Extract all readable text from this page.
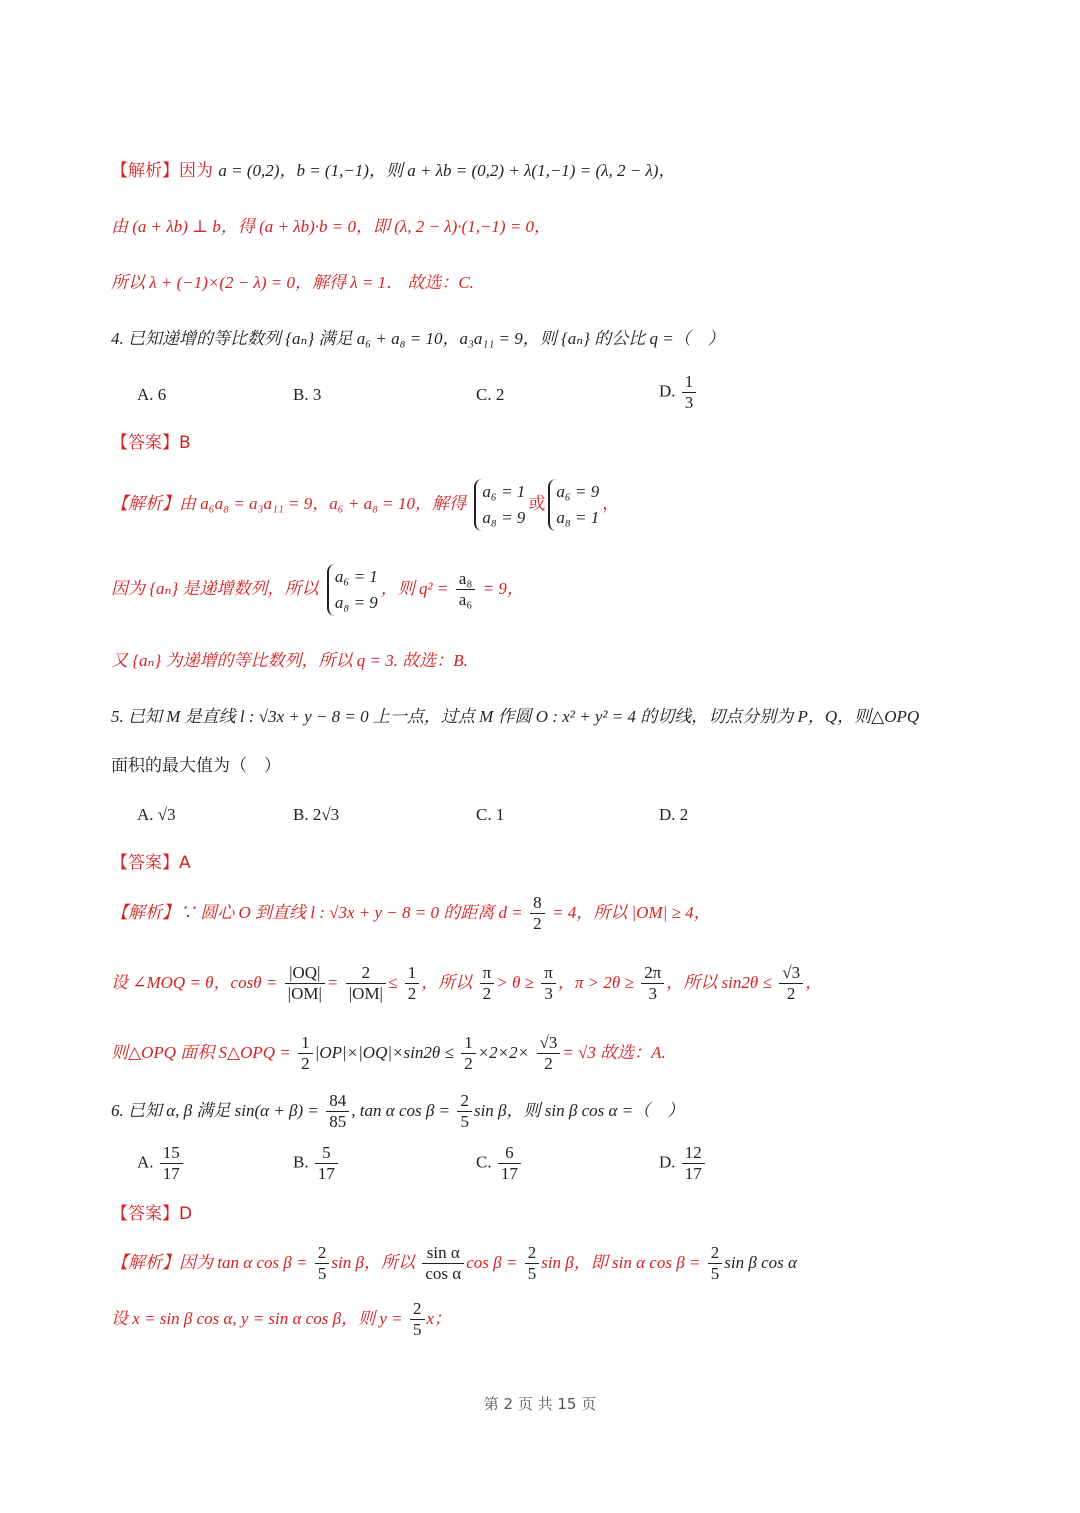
【解析】因为 a = (0,2)，b = (1,−1)，则 a + λb = (0,2) + λ(1,−1) = (λ, 2 − λ)，
由 (a + λb) ⊥ b，得 (a + λb)·b = 0，即 (λ, 2 − λ)·(1,−1) = 0，
所以 λ + (−1)×(2 − λ) = 0，解得 λ = 1． 故选：C.
4. 已知递增的等比数列 {aₙ} 满足 a₆ + a₈ = 10，a₃a₁₁ = 9，则 {aₙ} 的公比 q =（　）
A. 6	B. 3	C. 2	D. $\frac{1}{3}$
【答案】B
【解析】由 a₆a₈ = a₃a₁₁ = 9，a₆ + a₈ = 10，解得
a₆ = 1
a₈ = 9
或
a₆ = 9
a₈ = 1
，
因为 {aₙ} 是递增数列，所以
a₆ = 1
a₈ = 9
，则 $q^2 = \frac{\text{a₈}}{\text{a₆}} = 9$，
又 {aₙ} 为递增的等比数列，所以 q = 3. 故选：B.
5. 已知 M 是直线 l : √3x + y − 8 = 0 上一点，过点 M 作圆 O : x² + y² = 4 的切线，切点分别为 P，Q，则△OPQ
面积的最大值为（　）
A. √3	B. 2√3	C. 1	D. 2
【答案】A
【解析】∵ 圆心 O 到直线 l : √3x + y − 8 = 0 的距离 $d = \frac{8}{2} = 4$，所以 |OM| ≥ 4，
设 ∠MOQ = θ，$\cos\theta = \frac{|OQ|}{|OM|} = \frac{2}{|OM|} \le \frac{1}{2}$ ，所以 $\frac{\pi}{2} > \theta \ge \frac{\pi}{3}$ ，$\pi > 2\theta \ge \frac{2\pi}{3}$ ，所以 $\sin 2\theta \le \frac{√3}{2}$ ，
则△OPQ 面积 S△OPQ = $\frac{1}{2} |OP|\times|OQ|\times\sin 2\theta \le \frac{1}{2} \times 2\times 2\times \frac{√3}{2} = √3$ 故选：A.
6. 已知 α, β 满足 $\sin(\alpha + \beta) = \frac{84}{85}$ , tan α $\cos \beta = \frac{2}{5}$ sin β，则 sin β cos α =（　）
A. $\frac{15}{17}$	B. $\frac{5}{17}$	C. $\frac{6}{17}$	D. $\frac{12}{17}$
【答案】D
【解析】因为 tan α $\cos \beta = \frac{2}{5}$ sin β，所以 $\frac{\text{sin α}}{\text{cos α}}$ $\cos \beta = \frac{2}{5}$ sin β，即 sin α $\cos \beta = \frac{2}{5}$ sin β cos α
设 x = sin β cos α, y = sin α cos β，则 $y = \frac{2}{5}$ x；
第 2 页 共 15 页
